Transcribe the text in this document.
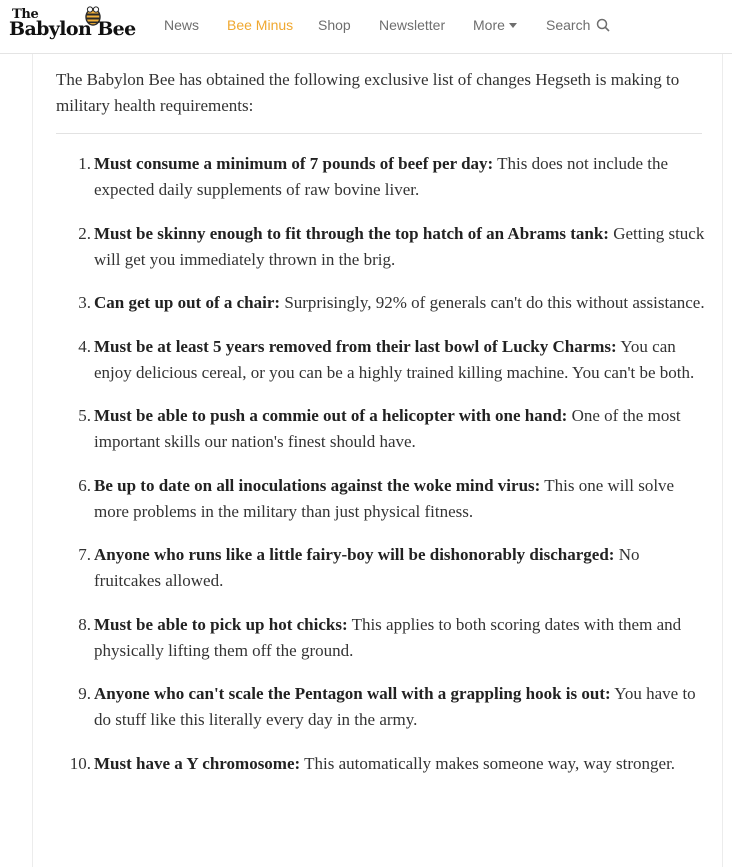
The
Babylon Bee News Bee Minus Shop Newsletter More	Search

The Babylon Bee has obtained the following exclusive list of changes Hegseth is making to military health requirements:

1. Must consume a minimum of 7 pounds of beef per day: This does not include the expected daily supplements of raw bovine liver.
2. Must be skinny enough to fit through the top hatch of an Abrams tank: Getting stuck will get you immediately thrown in the brig.
3. Can get up out of a chair: Surprisingly, 92% of generals can't do this without assistance.
4. Must be at least 5 years removed from their last bowl of Lucky Charms: You can enjoy delicious cereal, or you can be a highly trained killing machine. You can't be both.
5. Must be able to push a commie out of a helicopter with one hand: One of the most important skills our nation's finest should have.
6. Be up to date on all inoculations against the woke mind virus: This one will solve more problems in the military than just physical fitness.
7. Anyone who runs like a little fairy-boy will be dishonorably discharged: No fruitcakes allowed.
8. Must be able to pick up hot chicks: This applies to both scoring dates with them and physically lifting them off the ground.
9. Anyone who can't scale the Pentagon wall with a grappling hook is out: You have to do stuff like this literally every day in the army.
10. Must have a Y chromosome: This automatically makes someone way, way stronger.
